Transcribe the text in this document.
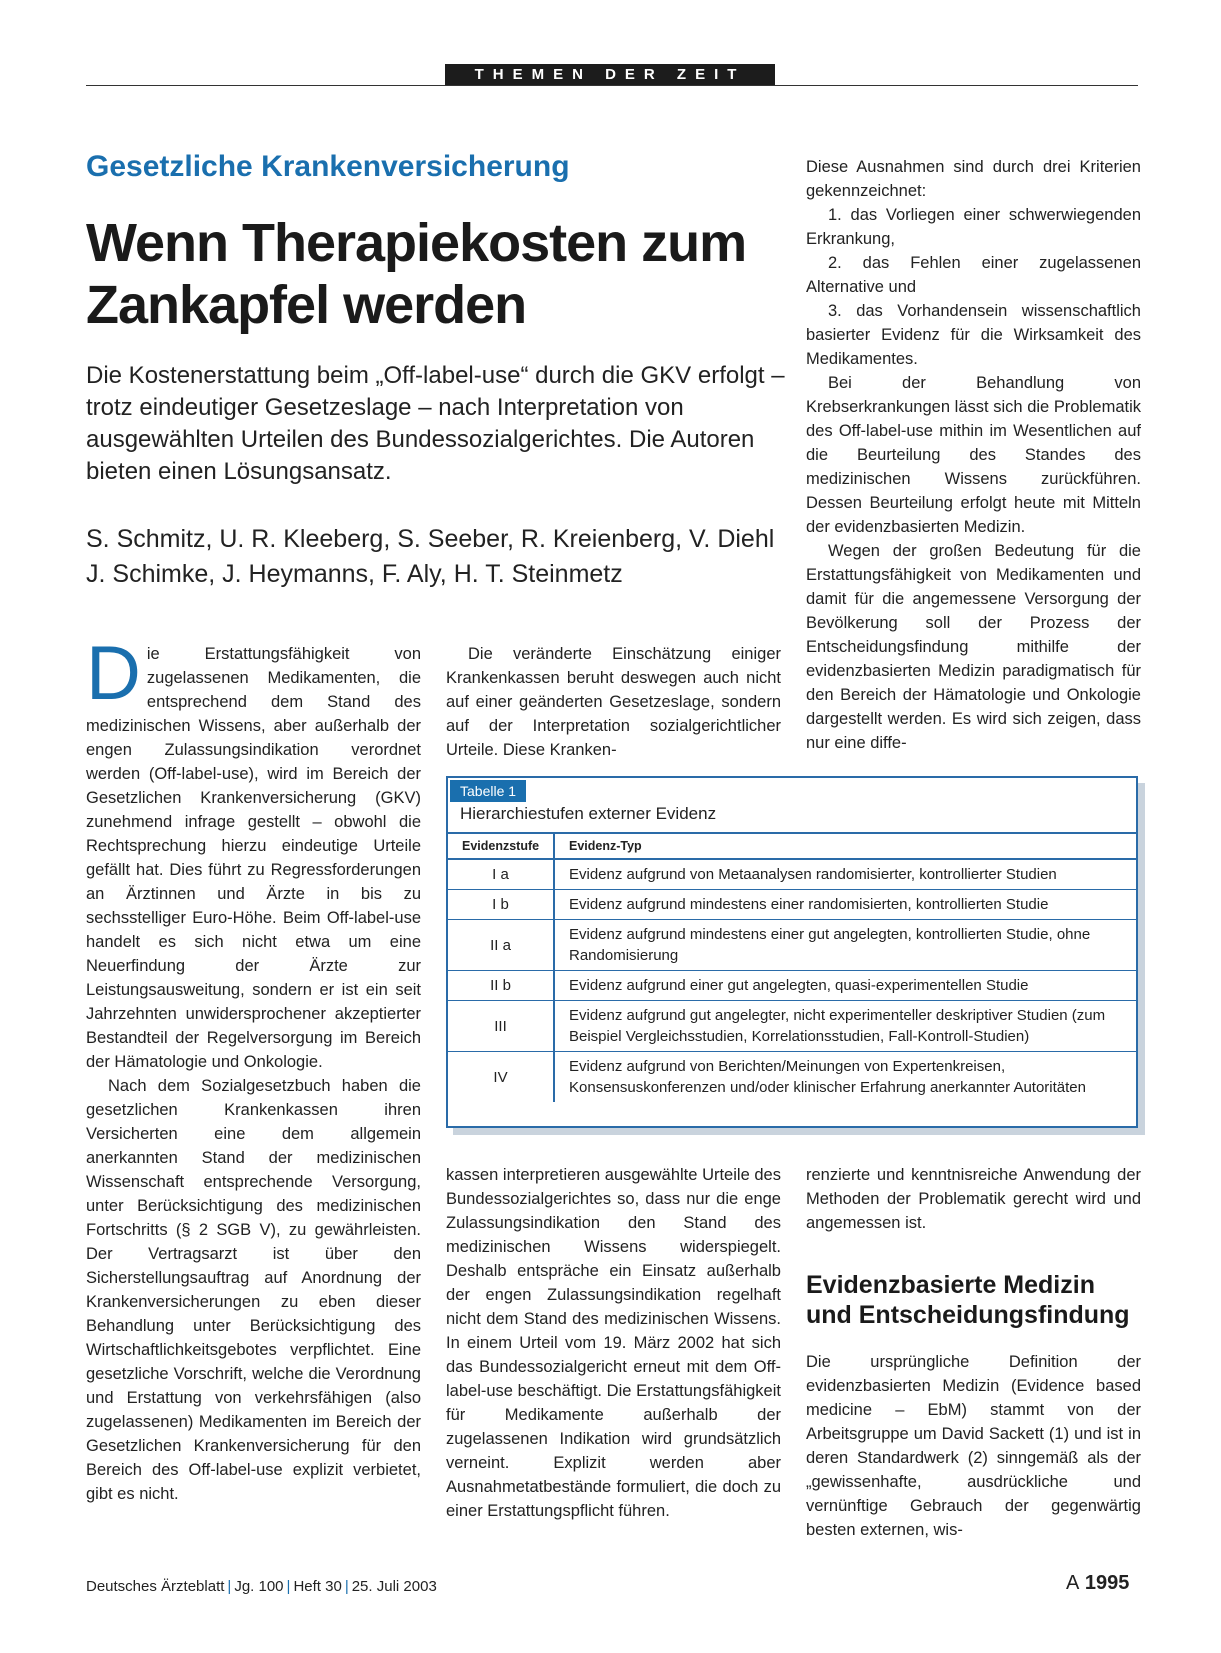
THEMEN DER ZEIT
Gesetzliche Krankenversicherung
Wenn Therapiekosten zum Zankapfel werden
Die Kostenerstattung beim „Off-label-use“ durch die GKV erfolgt – trotz eindeutiger Gesetzeslage – nach Interpretation von ausgewählten Urteilen des Bundessozialgerichtes. Die Autoren bieten einen Lösungsansatz.
S. Schmitz, U. R. Kleeberg, S. Seeber, R. Kreienberg, V. Diehl
J. Schimke, J. Heymanns, F. Aly, H. T. Steinmetz

Die Erstattungsfähigkeit von zugelassenen Medikamenten, die entsprechend dem Stand des medizinischen Wissens, aber außerhalb der engen Zulassungsindikation verordnet werden (Off-label-use), wird im Bereich der Gesetzlichen Krankenversicherung (GKV) zunehmend infrage gestellt – obwohl die Rechtsprechung hierzu eindeutige Urteile gefällt hat. Dies führt zu Regressforderungen an Ärztinnen und Ärzte in bis zu sechsstelliger Euro-Höhe. Beim Off-label-use handelt es sich nicht etwa um eine Neuerfindung der Ärzte zur Leistungsausweitung, sondern er ist ein seit Jahrzehnten unwidersprochener akzeptierter Bestandteil der Regelversorgung im Bereich der Hämatologie und Onkologie.

Nach dem Sozialgesetzbuch haben die gesetzlichen Krankenkassen ihren Versicherten eine dem allgemein anerkannten Stand der medizinischen Wissenschaft entsprechende Versorgung, unter Berücksichtigung des medizinischen Fortschritts (§ 2 SGB V), zu gewährleisten. Der Vertragsarzt ist über den Sicherstellungsauftrag auf Anordnung der Krankenversicherungen zu eben dieser Behandlung unter Berücksichtigung des Wirtschaftlichkeitsgebotes verpflichtet. Eine gesetzliche Vorschrift, welche die Verordnung und Erstattung von verkehrsfähigen (also zugelassenen) Medikamenten im Bereich der Gesetzlichen Krankenversicherung für den Bereich des Off-label-use explizit verbietet, gibt es nicht.

Die veränderte Einschätzung einiger Krankenkassen beruht deswegen auch nicht auf einer geänderten Gesetzeslage, sondern auf der Interpretation sozialgerichtlicher Urteile. Diese Kranken-

Diese Ausnahmen sind durch drei Kriterien gekennzeichnet:

1. das Vorliegen einer schwerwiegenden Erkrankung,

2. das Fehlen einer zugelassenen Alternative und

3. das Vorhandensein wissenschaftlich basierter Evidenz für die Wirksamkeit des Medikamentes.

Bei der Behandlung von Krebserkrankungen lässt sich die Problematik des Off-label-use mithin im Wesentlichen auf die Beurteilung des Standes des medizinischen Wissens zurückführen. Dessen Beurteilung erfolgt heute mit Mitteln der evidenzbasierten Medizin.

Wegen der großen Bedeutung für die Erstattungsfähigkeit von Medikamenten und damit für die angemessene Versorgung der Bevölkerung soll der Prozess der Entscheidungsfindung mithilfe der evidenzbasierten Medizin paradigmatisch für den Bereich der Hämatologie und Onkologie dargestellt werden. Es wird sich zeigen, dass nur eine diffe-

Tabelle 1
Hierarchiestufen externer Evidenz
Evidenzstufe	Evidenz-Typ
I a	Evidenz aufgrund von Metaanalysen randomisierter, kontrollierter Studien
I b	Evidenz aufgrund mindestens einer randomisierten, kontrollierten Studie
II a	Evidenz aufgrund mindestens einer gut angelegten, kontrollierten Studie, ohne Randomisierung
II b	Evidenz aufgrund einer gut angelegten, quasi-experimentellen Studie
III	Evidenz aufgrund gut angelegter, nicht experimenteller deskriptiver Studien (zum Beispiel Vergleichsstudien, Korrelationsstudien, Fall-Kontroll-Studien)
IV	Evidenz aufgrund von Berichten/Meinungen von Expertenkreisen, Konsensuskonferenzen und/oder klinischer Erfahrung anerkannter Autoritäten

kassen interpretieren ausgewählte Urteile des Bundessozialgerichtes so, dass nur die enge Zulassungsindikation den Stand des medizinischen Wissens widerspiegelt. Deshalb entspräche ein Einsatz außerhalb der engen Zulassungsindikation regelhaft nicht dem Stand des medizinischen Wissens. In einem Urteil vom 19. März 2002 hat sich das Bundessozialgericht erneut mit dem Off-label-use beschäftigt. Die Erstattungsfähigkeit für Medikamente außerhalb der zugelassenen Indikation wird grundsätzlich verneint. Explizit werden aber Ausnahmetatbestände formuliert, die doch zu einer Erstattungspflicht führen.

renzierte und kenntnisreiche Anwendung der Methoden der Problematik gerecht wird und angemessen ist.

Evidenzbasierte Medizin und Entscheidungsfindung

Die ursprüngliche Definition der evidenzbasierten Medizin (Evidence based medicine – EbM) stammt von der Arbeitsgruppe um David Sackett (1) und ist in deren Standardwerk (2) sinngemäß als der „gewissenhafte, ausdrückliche und vernünftige Gebrauch der gegenwärtig besten externen, wis-

Deutsches Ärzteblatt | Jg. 100 | Heft 30 | 25. Juli 2003	A 1995
